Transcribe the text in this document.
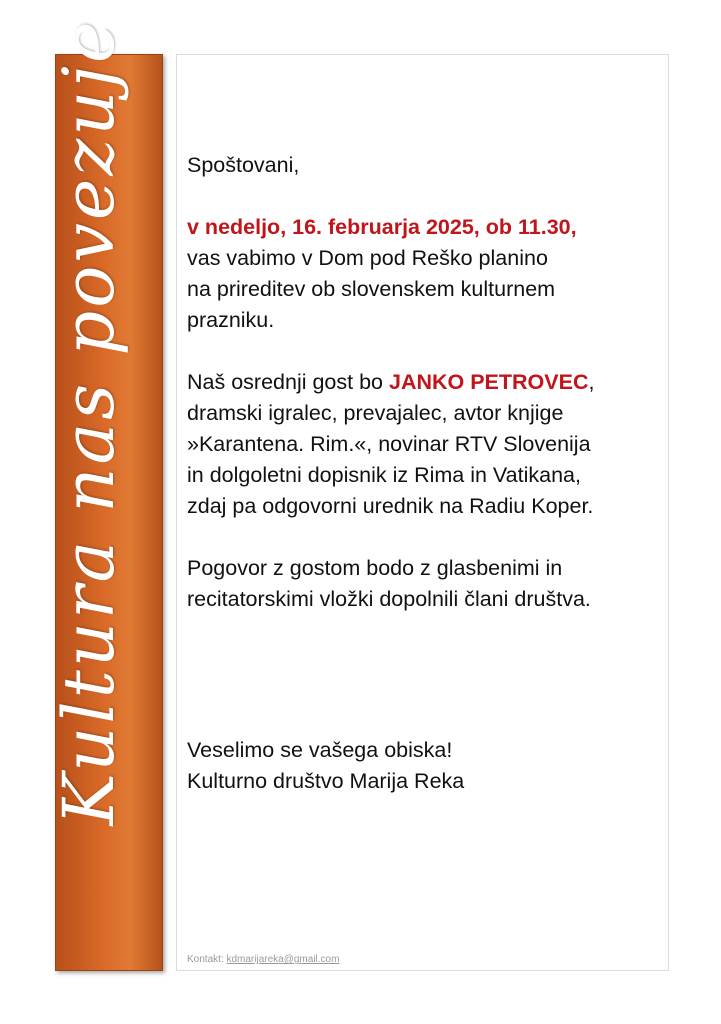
Kultura nas povezuje	Spoštovani,

v nedeljo, 16. februarja 2025, ob 11.30,

vas vabimo v Dom pod Reško planino

na prireditev ob slovenskem kulturnem

prazniku.

Naš osrednji gost bo JANKO PETROVEC,

dramski igralec, prevajalec, avtor knjige

»Karantena. Rim.«, novinar RTV Slovenija

in dolgoletni dopisnik iz Rima in Vatikana,

zdaj pa odgovorni urednik na Radiu Koper.

Pogovor z gostom bodo z glasbenimi in

recitatorskimi vložki dopolnili člani društva.

Veselimo se vašega obiska!

Kulturno društvo Marija Reka

Kontakt: kdmarijareka@gmail.com
